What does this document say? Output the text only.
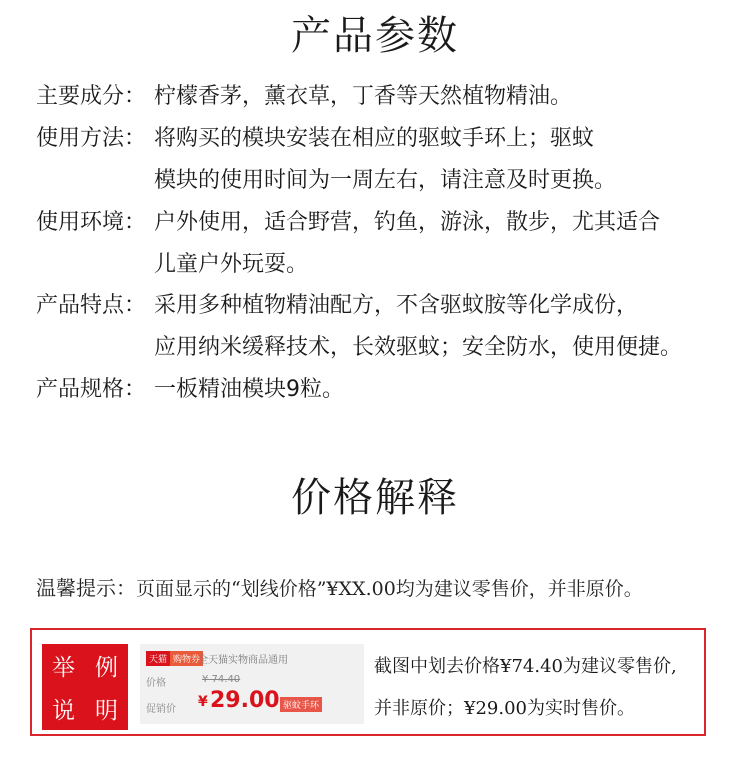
产品参数
主要成分： 柠檬香茅，薰衣草，丁香等天然植物精油。
使用方法： 将购买的模块安装在相应的驱蚊手环上；驱蚊
模块的使用时间为一周左右，请注意及时更换。
使用环境： 户外使用，适合野营，钓鱼，游泳，散步，尤其适合
儿童户外玩耍。
产品特点： 采用多种植物精油配方，不含驱蚊胺等化学成份，
应用纳米缓释技术，长效驱蚊；安全防水，使用便捷。
产品规格： 一板精油模块9粒。
价格解释
温馨提示：页面显示的“划线价格”¥XX.00均为建议零售价，并非原价。
举 例
说 明
天猫 购物券
全天猫实物商品通用
价格	¥ 74.40
促销价 ¥ 29.00 驱蚊手环
截图中划去价格¥74.40为建议零售价,
并非原价；¥29.00为实时售价。
